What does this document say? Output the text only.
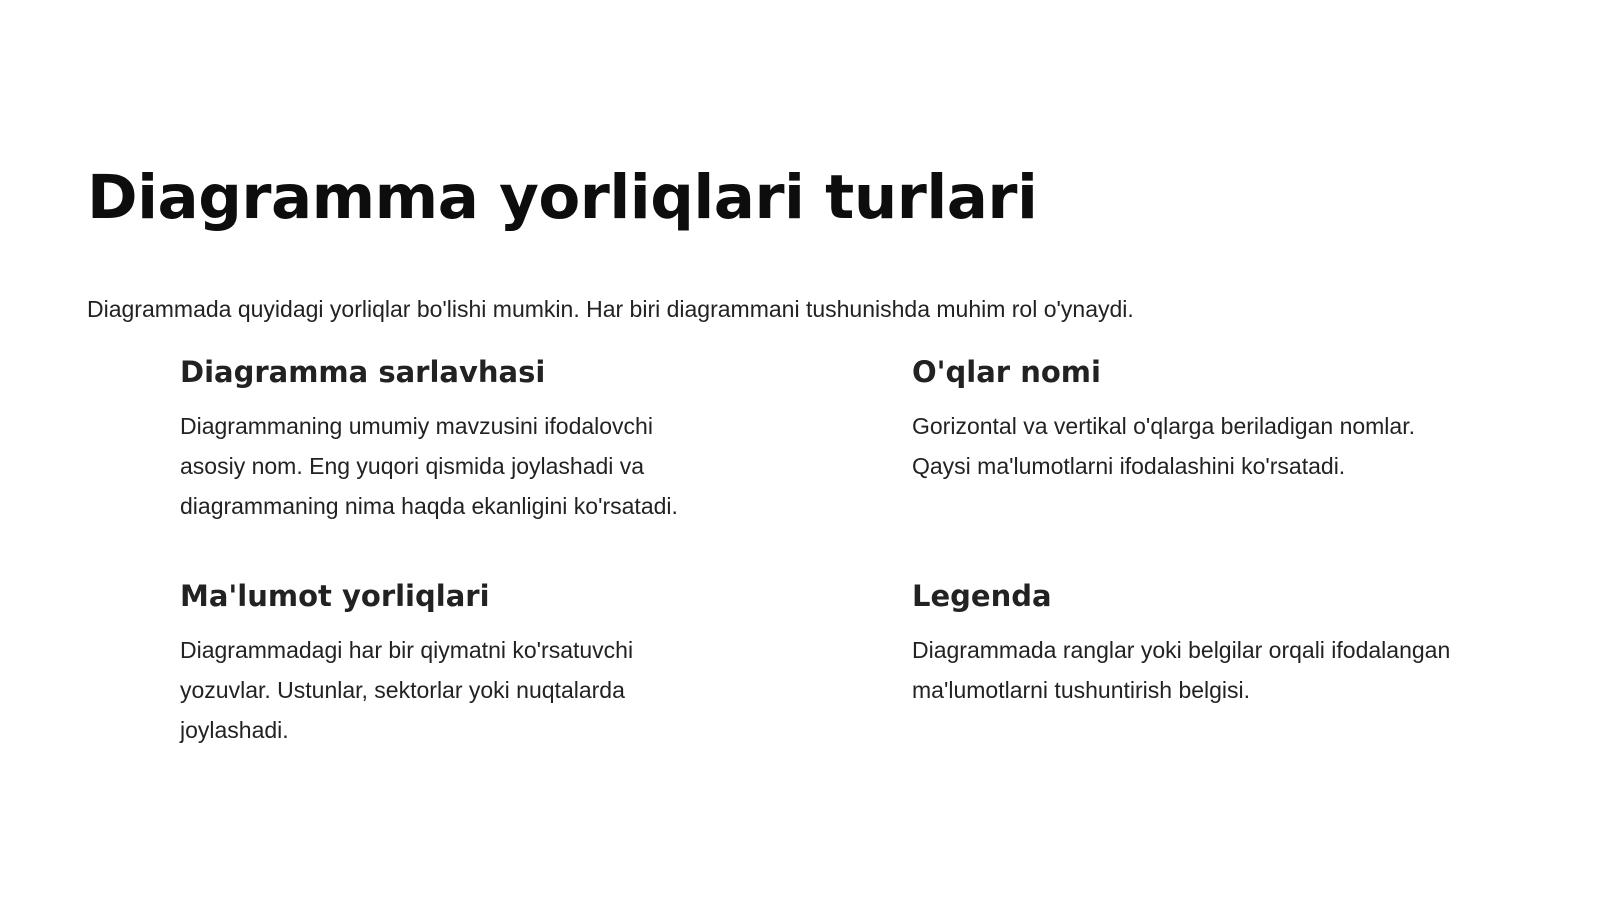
Diagramma yorliqlari turlari

Diagrammada quyidagi yorliqlar bo'lishi mumkin. Har biri diagrammani tushunishda muhim rol o'ynaydi.

Diagramma sarlavhasi

Diagrammaning umumiy mavzusini ifodalovchi
asosiy nom. Eng yuqori qismida joylashadi va
diagrammaning nima haqda ekanligini ko'rsatadi.

O'qlar nomi

Gorizontal va vertikal o'qlarga beriladigan nomlar.
Qaysi ma'lumotlarni ifodalashini ko'rsatadi.

Ma'lumot yorliqlari

Diagrammadagi har bir qiymatni ko'rsatuvchi
yozuvlar. Ustunlar, sektorlar yoki nuqtalarda
joylashadi.

Legenda

Diagrammada ranglar yoki belgilar orqali ifodalangan
ma'lumotlarni tushuntirish belgisi.
